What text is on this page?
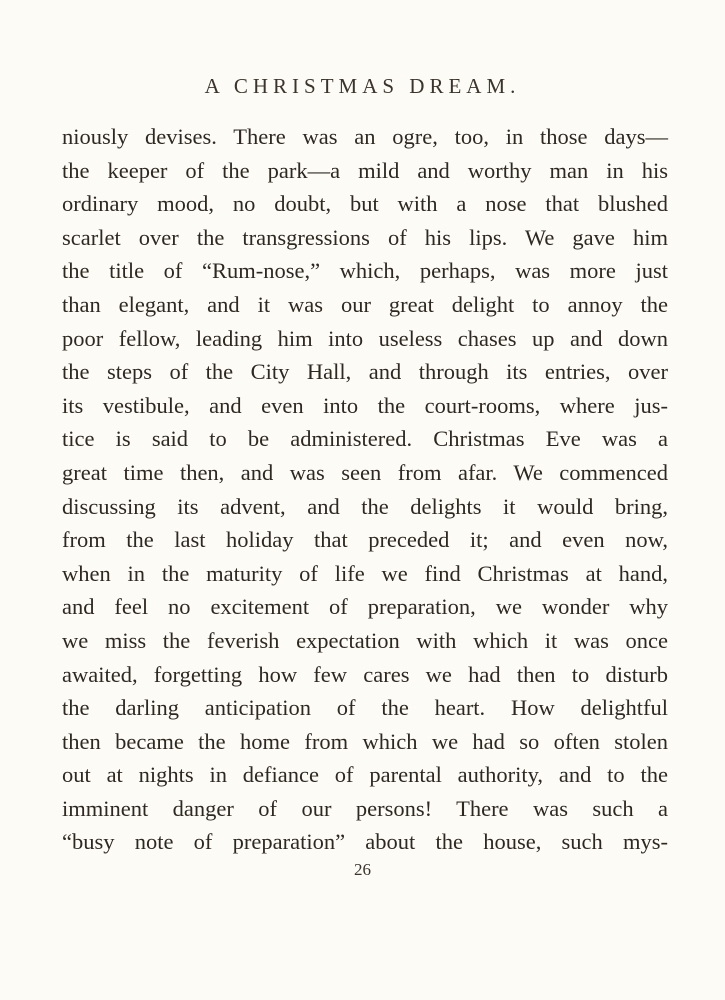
A CHRISTMAS DREAM.
niously devises. There was an ogre, too, in those days—
the keeper of the park—a mild and worthy man in his
ordinary mood, no doubt, but with a nose that blushed
scarlet over the transgressions of his lips. We gave him
the title of “Rum-nose,” which, perhaps, was more just
than elegant, and it was our great delight to annoy the
poor fellow, leading him into useless chases up and down
the steps of the City Hall, and through its entries, over
its vestibule, and even into the court-rooms, where jus-
tice is said to be administered. Christmas Eve was a
great time then, and was seen from afar. We commenced
discussing its advent, and the delights it would bring,
from the last holiday that preceded it; and even now,
when in the maturity of life we find Christmas at hand,
and feel no excitement of preparation, we wonder why
we miss the feverish expectation with which it was once
awaited, forgetting how few cares we had then to disturb
the darling anticipation of the heart. How delightful
then became the home from which we had so often stolen
out at nights in defiance of parental authority, and to the
imminent danger of our persons! There was such a
“busy note of preparation” about the house, such mys-
26
